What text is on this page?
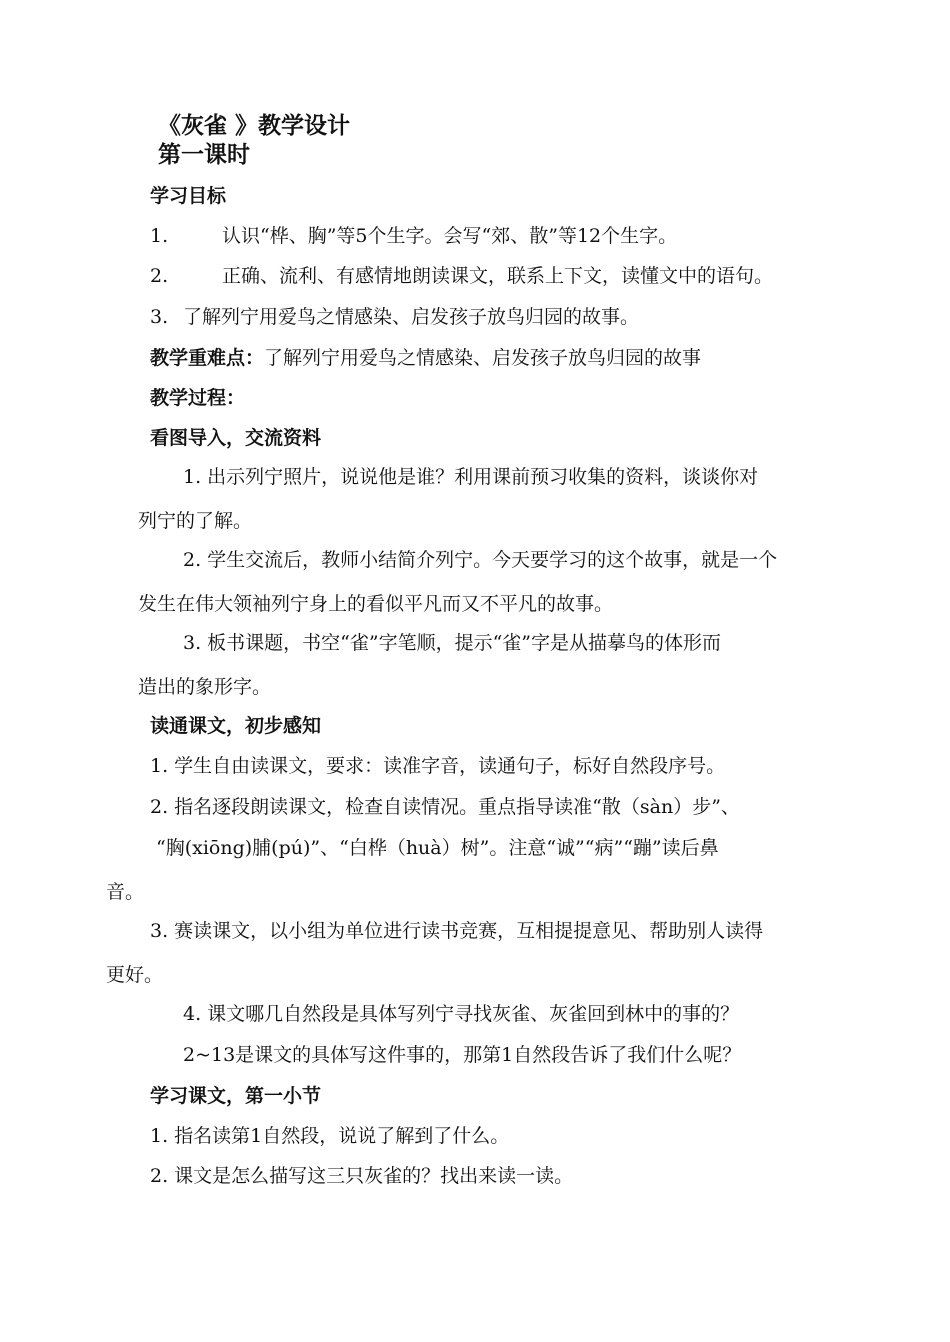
《灰雀 》教学设计
第一课时
学习目标
1.	认识“桦、胸”等5个生字。会写“郊、散”等12个生字。
2.	正确、流利、有感情地朗读课文，联系上下文，读懂文中的语句。
3. 了解列宁用爱鸟之情感染、启发孩子放鸟归园的故事。
教学重难点：了解列宁用爱鸟之情感染、启发孩子放鸟归园的故事
教学过程：
看图导入，交流资料
1. 出示列宁照片，说说他是谁？利用课前预习收集的资料，谈谈你对
列宁的了解。
2. 学生交流后，教师小结简介列宁。今天要学习的这个故事，就是一个
发生在伟大领袖列宁身上的看似平凡而又不平凡的故事。
3. 板书课题，书空“雀”字笔顺，提示“雀”字是从描摹鸟的体形而
造出的象形字。
读通课文，初步感知
1. 学生自由读课文，要求：读准字音，读通句子，标好自然段序号。
2. 指名逐段朗读课文，检查自读情况。重点指导读准“散（sàn）步”、
“胸(xiōng)脯(pú)”、“白桦（huà）树”。注意“诚”“病”“蹦”读后鼻
音。
3. 赛读课文，以小组为单位进行读书竞赛，互相提提意见、帮助别人读得
更好。
4. 课文哪几自然段是具体写列宁寻找灰雀、灰雀回到林中的事的？
2~13是课文的具体写这件事的，那第1自然段告诉了我们什么呢？
学习课文，第一小节
1. 指名读第1自然段，说说了解到了什么。
2. 课文是怎么描写这三只灰雀的？找出来读一读。
